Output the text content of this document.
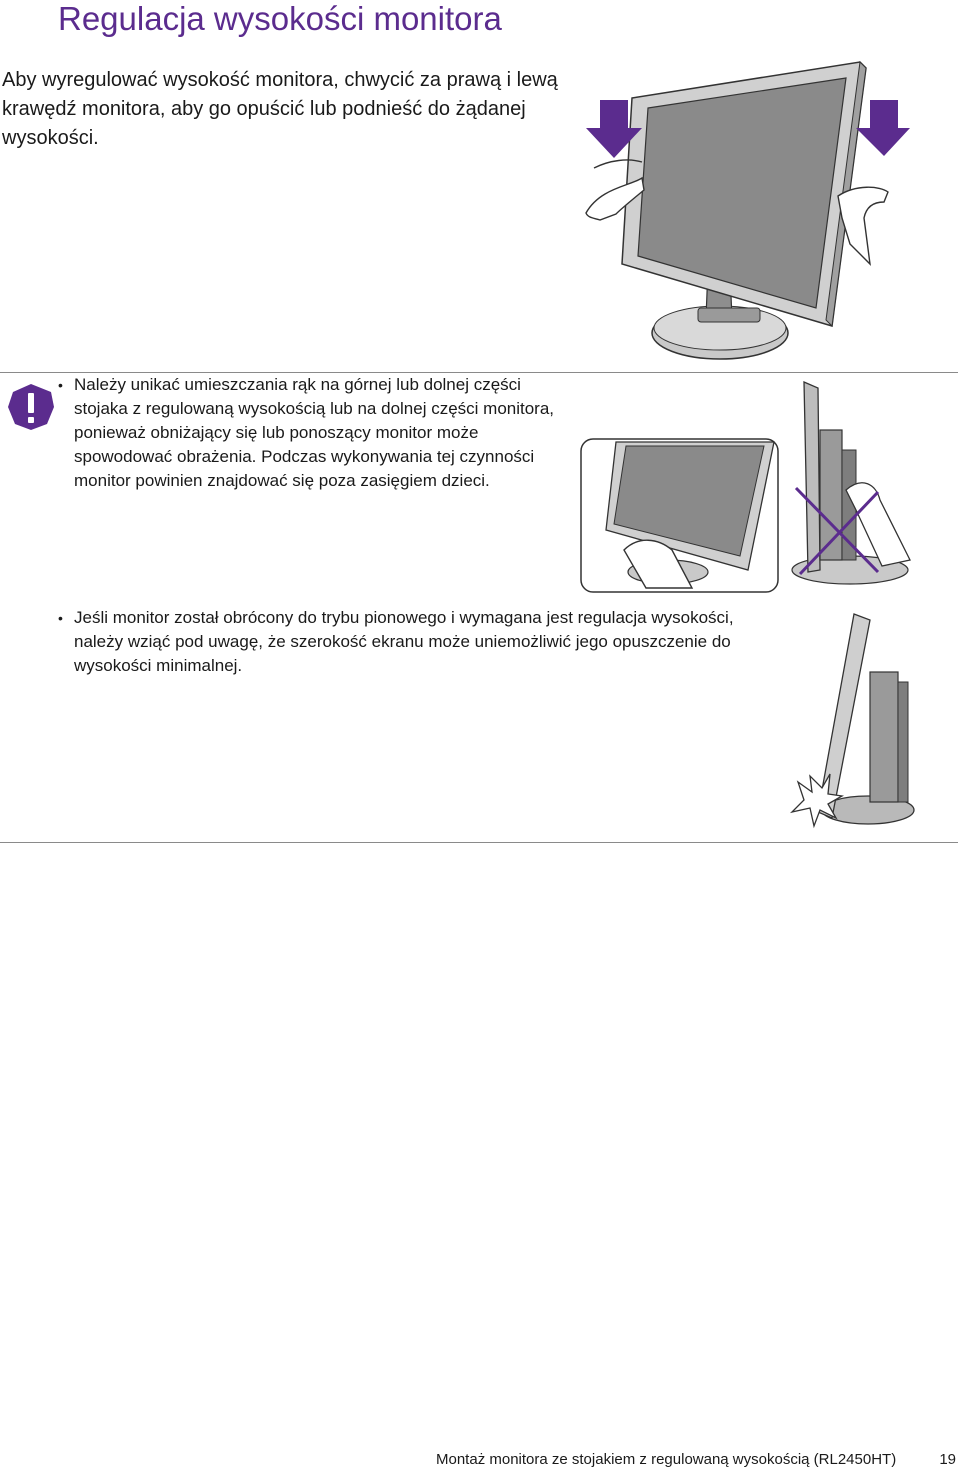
Regulacja wysokości monitora

Aby wyregulować wysokość monitora, chwycić za prawą i lewą krawędź monitora, aby go opuścić lub podnieść do żądanej wysokości.

• Należy unikać umieszczania rąk na górnej lub dolnej części stojaka z regulowaną wysokością lub na dolnej części monitora, ponieważ obniżający się lub ponoszący monitor może spowodować obrażenia. Podczas wykonywania tej czynności monitor powinien znajdować się poza zasięgiem dzieci.
• Jeśli monitor został obrócony do trybu pionowego i wymagana jest regulacja wysokości, należy wziąć pod uwagę, że szerokość ekranu może uniemożliwić jego opuszczenie do wysokości minimalnej.
Montaż monitora ze stojakiem z regulowaną wysokością (RL2450HT)	19
